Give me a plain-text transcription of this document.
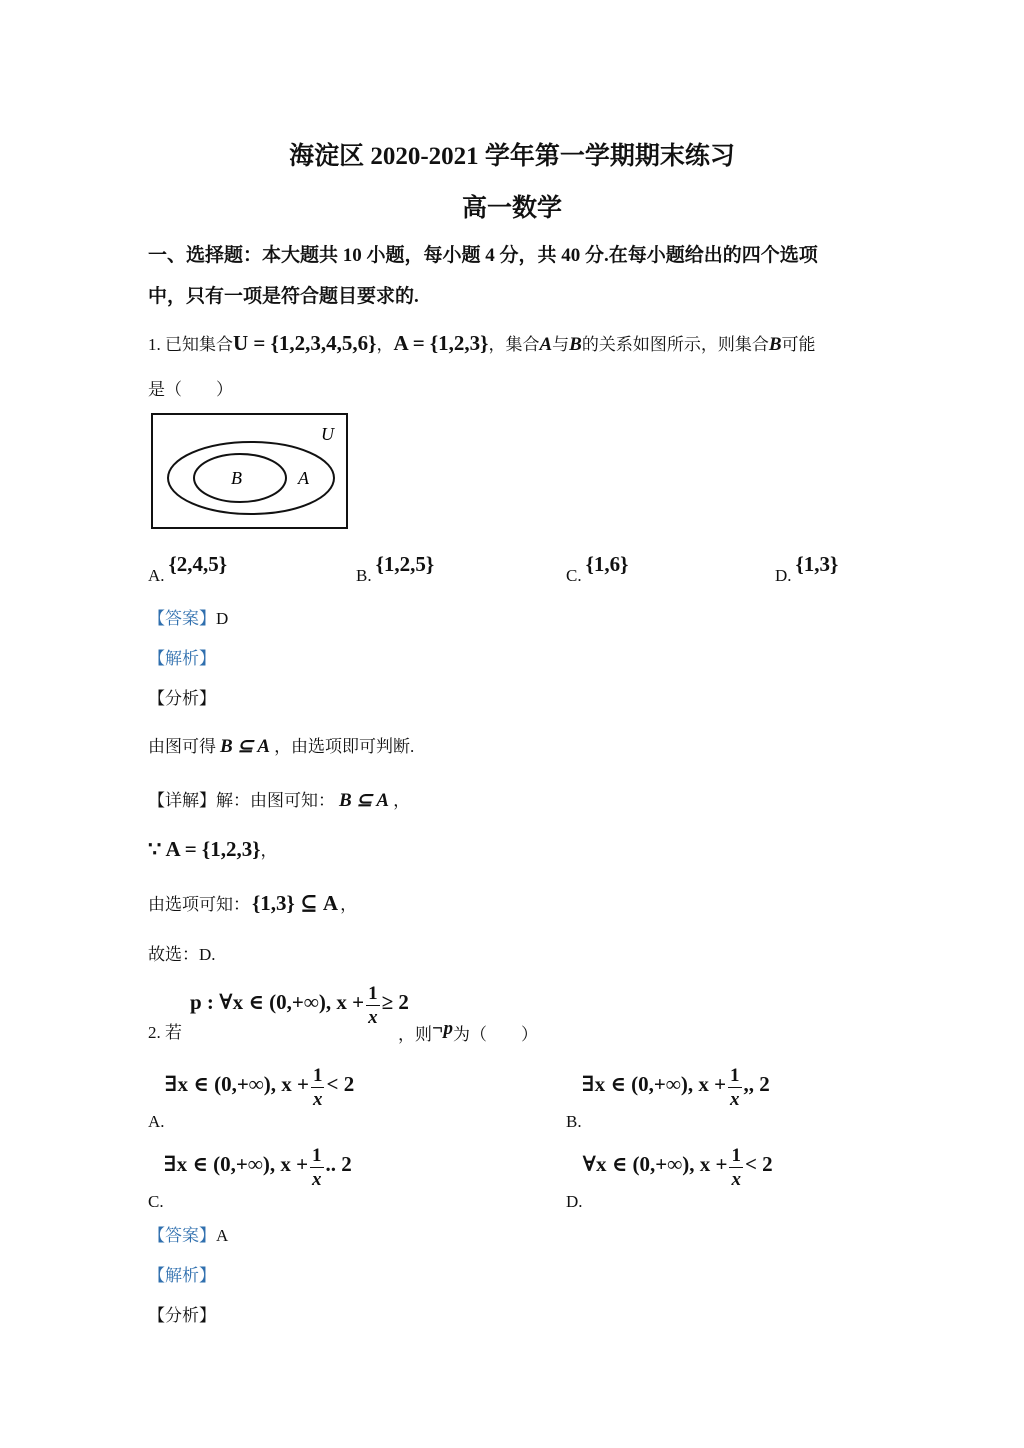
海淀区 2020-2021 学年第一学期期末练习
高一数学
一、选择题：本大题共 10 小题，每小题 4 分，共 40 分.在每小题给出的四个选项
中，只有一项是符合题目要求的.
1. 已知集合U = {1,2,3,4,5,6}，A = {1,2,3}，集合A与B的关系如图所示，则集合B可能
是（　　）
U
A
B
A. {2,4,5}	B. {1,2,5}	C. {1,6}	D. {1,3}
【答案】D
【解析】
【分析】
由图可得 B ⊆ A ，由选项即可判断.
【详解】解：由图可知： B ⊆ A ，
∵ A = {1,2,3}，
由选项可知：{1,3} ⊆ A ，
故选：D.
2. 若
p : ∀x ∈ (0,+∞), $x + \frac{1}{x} \ge 2$
，则¬p为（　　）
A.∃x ∈ (0,+∞), $x + \frac{1}{x} < 2$
B.∃x ∈ (0,+∞), $x + \frac{1}{x}$ ,, 2
C.∃x ∈ (0,+∞), $x + \frac{1}{x}$ .. 2
D.∀x ∈ (0,+∞), $x + \frac{1}{x} < 2$
【答案】A
【解析】
【分析】
